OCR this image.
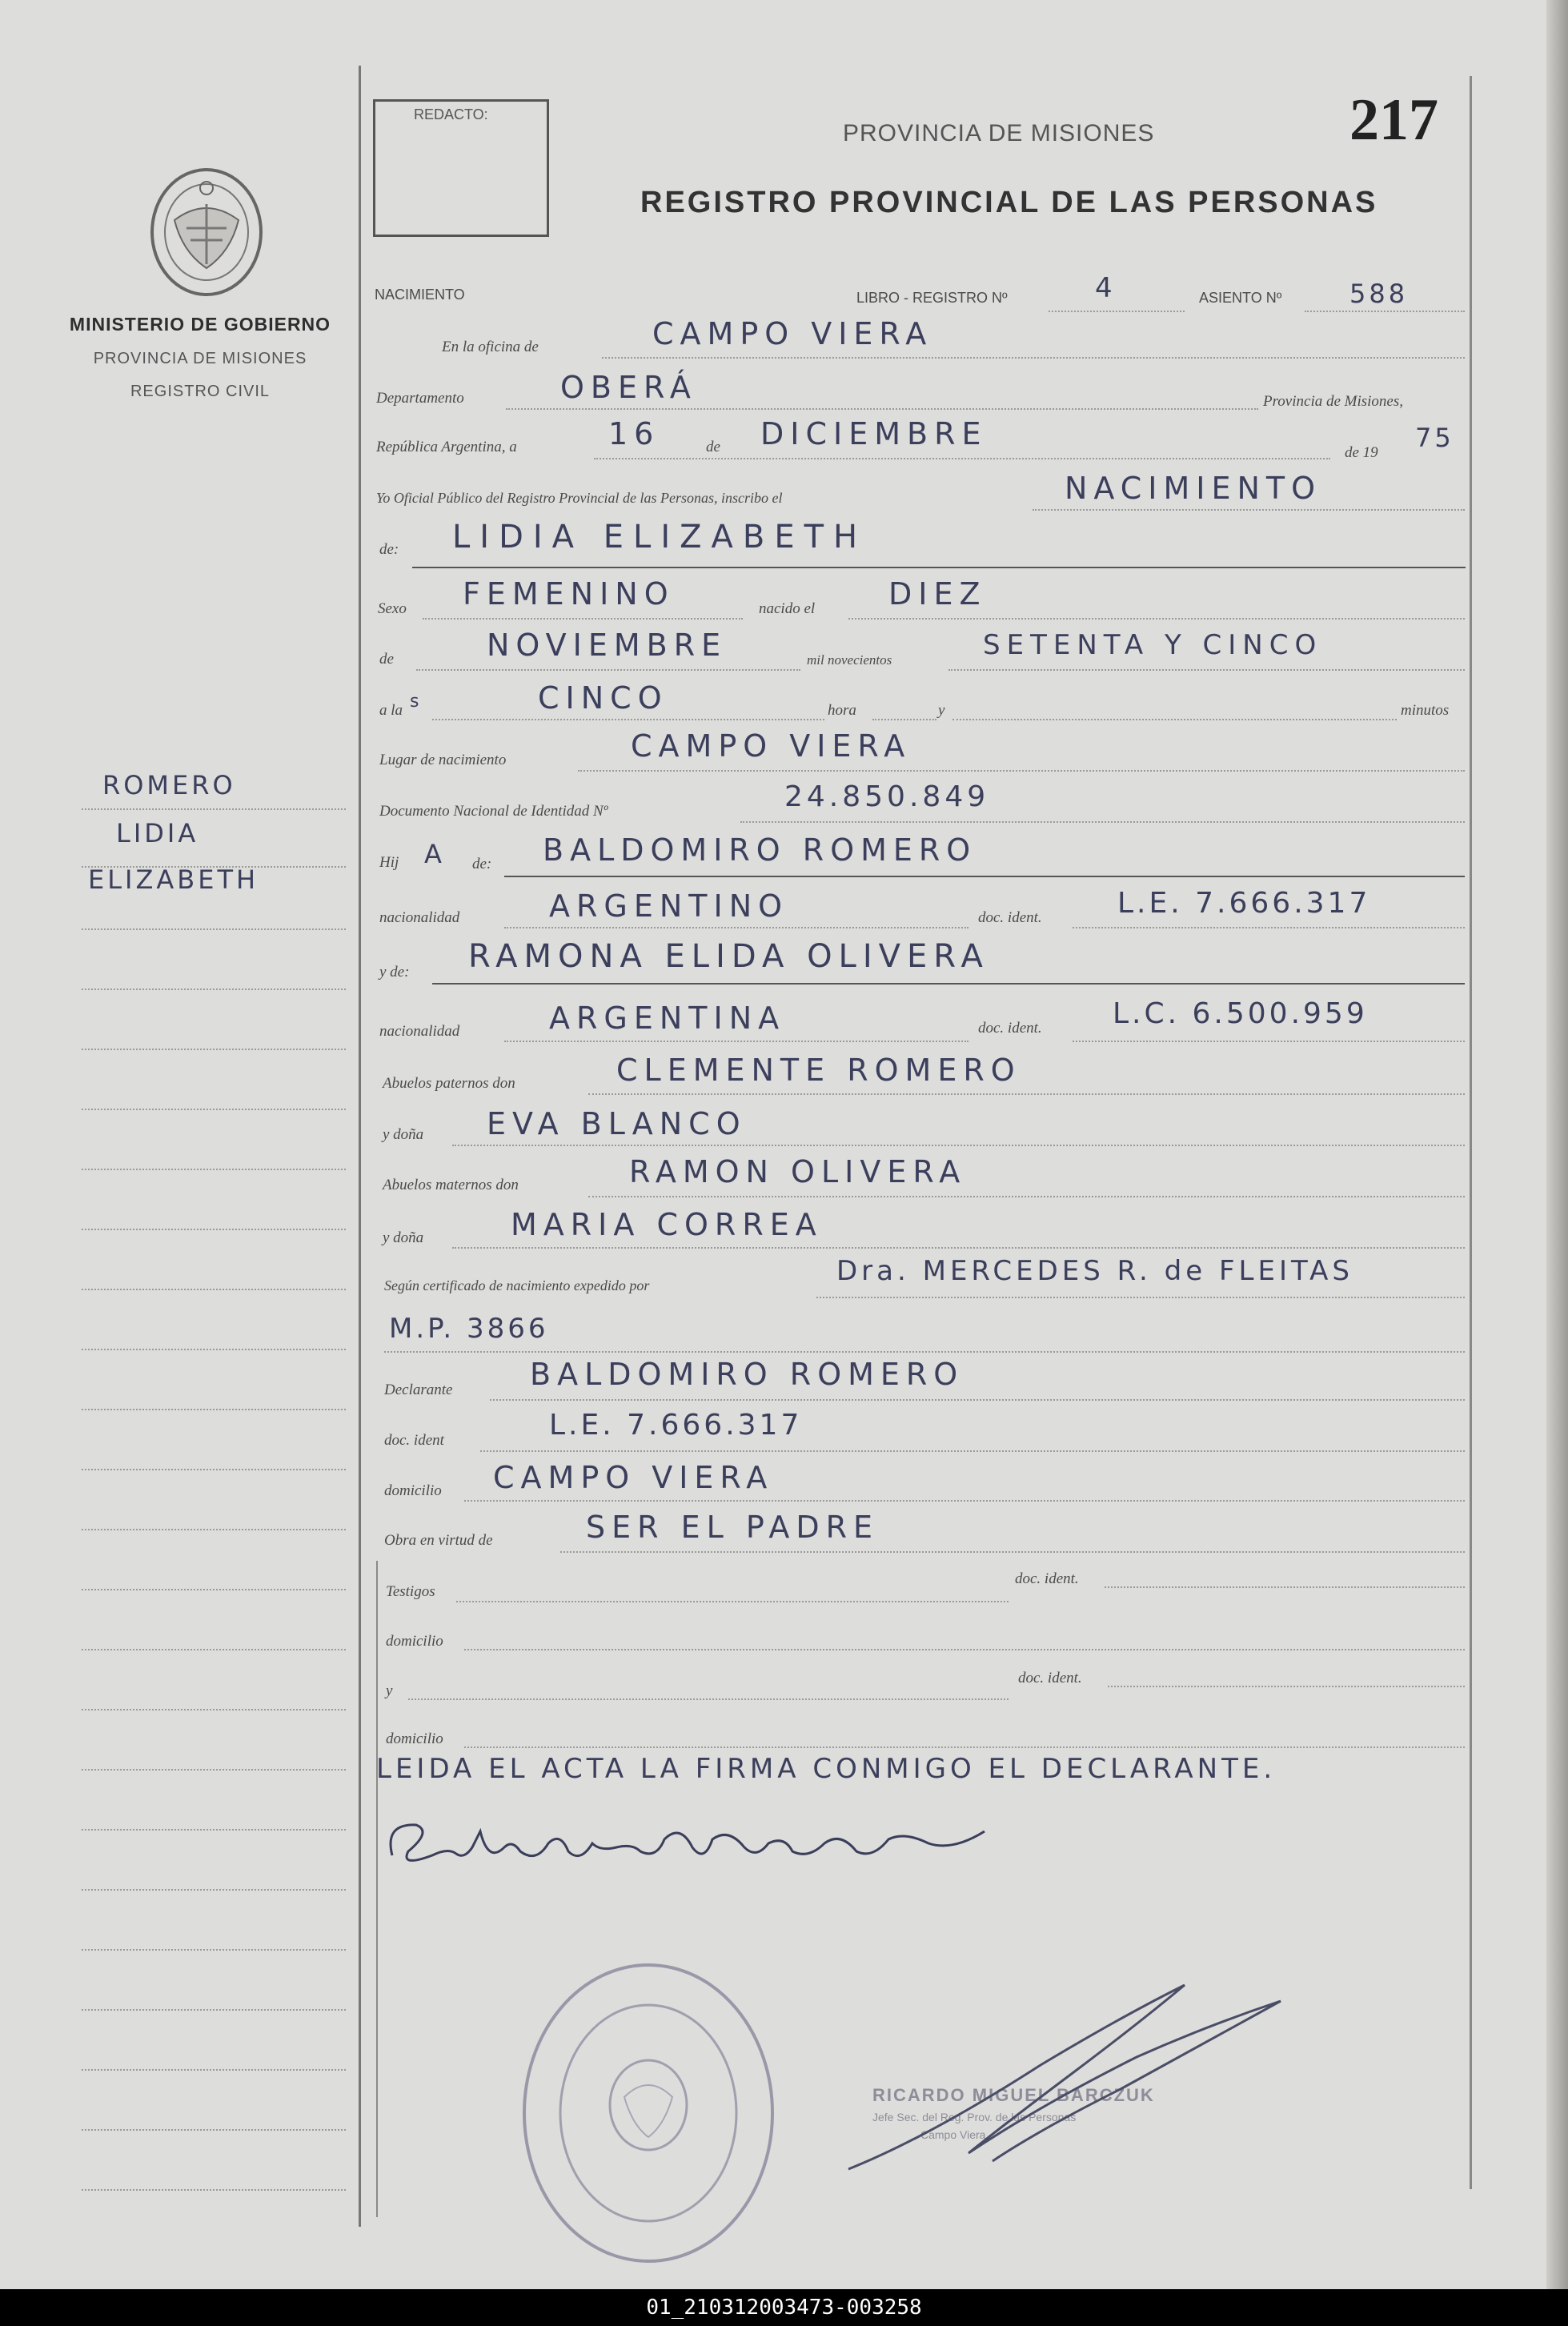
REDACTO:
PROVINCIA DE MISIONES
REGISTRO PROVINCIAL DE LAS PERSONAS
217
MINISTERIO DE GOBIERNO
PROVINCIA DE MISIONES
REGISTRO CIVIL
ROMERO
LIDIA
ELIZABETH
NACIMIENTO	LIBRO - REGISTRO Nº	4	ASIENTO Nº	588
En la oficina de	CAMPO VIERA
Departamento	OBERÁ	Provincia de Misiones,
República Argentina, a	16	de DICIEMBRE
de 19 75
Yo Oficial Público del Registro Provincial de las Personas, inscribo el	NACIMIENTO
de: LIDIA ELIZABETH
Sexo FEMENINO	nacido el DIEZ
de	NOVIEMBRE	mil novecientos	SETENTA Y CINCO
a la s	CINCO	hora	y	minutos
Lugar de nacimiento	CAMPO VIERA
Documento Nacional de Identidad Nº	24.850.849
Hij A de: BALDOMIRO ROMERO
nacionalidad	ARGENTINO	doc. ident.	L.E. 7.666.317
y de: RAMONA ELIDA OLIVERA
nacionalidad	ARGENTINA	doc. ident. L.C. 6.500.959
Abuelos paternos don	CLEMENTE ROMERO
y doña EVA BLANCO
Abuelos maternos don	RAMON OLIVERA
y doña	MARIA CORREA
Según certificado de nacimiento expedido por	Dra. MERCEDES R. de FLEITAS
M.P. 3866
Declarante	BALDOMIRO ROMERO
doc. ident	L.E. 7.666.317
domicilio CAMPO VIERA
Obra en virtud de	SER EL PADRE
Testigos
doc. ident.
domicilio
y
doc. ident.
domicilio
LEIDA EL ACTA LA FIRMA CONMIGO EL DECLARANTE.
RICARDO MIGUEL BARCZUK
Jefe Sec. del Reg. Prov. de las Personas
Campo Viera
01_210312003473-003258
